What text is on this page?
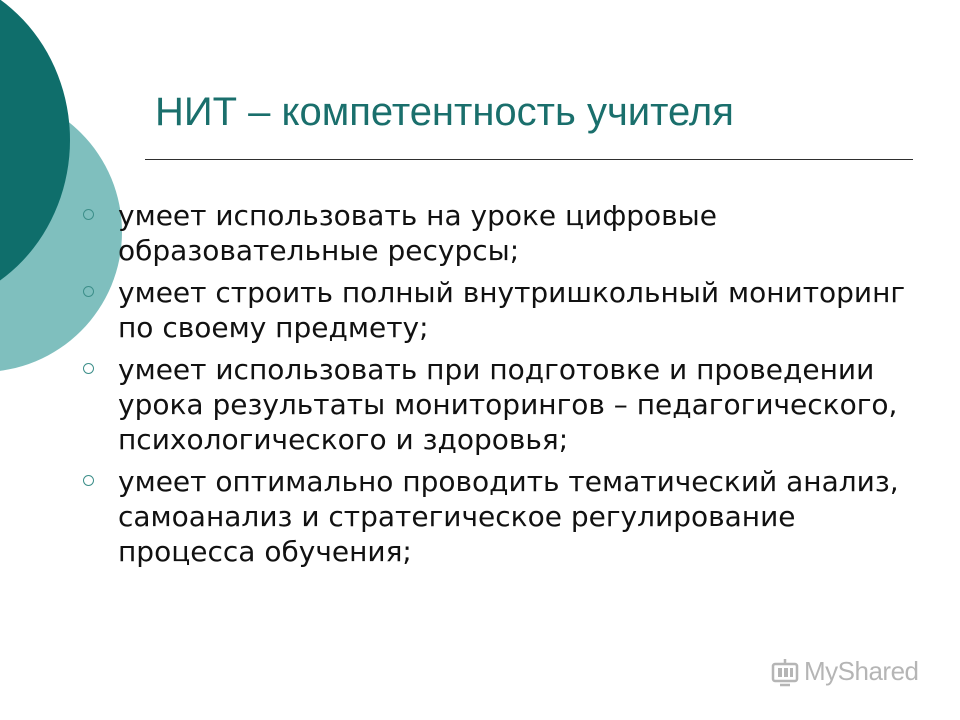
НИТ – компетентность учителя
умеет использовать на уроке цифровые образовательные ресурсы;
умеет строить полный внутришкольный мониторинг по своему предмету;
умеет использовать при подготовке и проведении урока результаты мониторингов – педагогического, психологического и здоровья;
умеет оптимально проводить тематический анализ, самоанализ и стратегическое регулирование процесса обучения;
MyShared
